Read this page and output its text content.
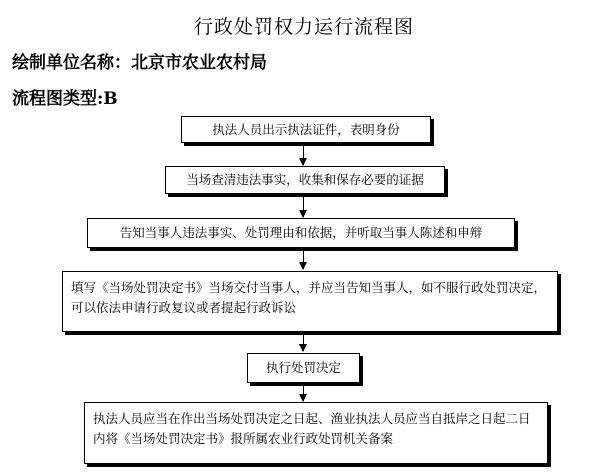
行政处罚权力运行流程图
绘制单位名称：北京市农业农村局
流程图类型:B
执法人员出示执法证件，表明身份
当场查清违法事实，收集和保存必要的证据
告知当事人违法事实、处罚理由和依据，并听取当事人陈述和申辩
填写《当场处罚决定书》当场交付当事人，并应当告知当事人，如不服行政处罚决定，可以依法申请行政复议或者提起行政诉讼
执行处罚决定
执法人员应当在作出当场处罚决定之日起、渔业执法人员应当自抵岸之日起二日内将《当场处罚决定书》报所属农业行政处罚机关备案
